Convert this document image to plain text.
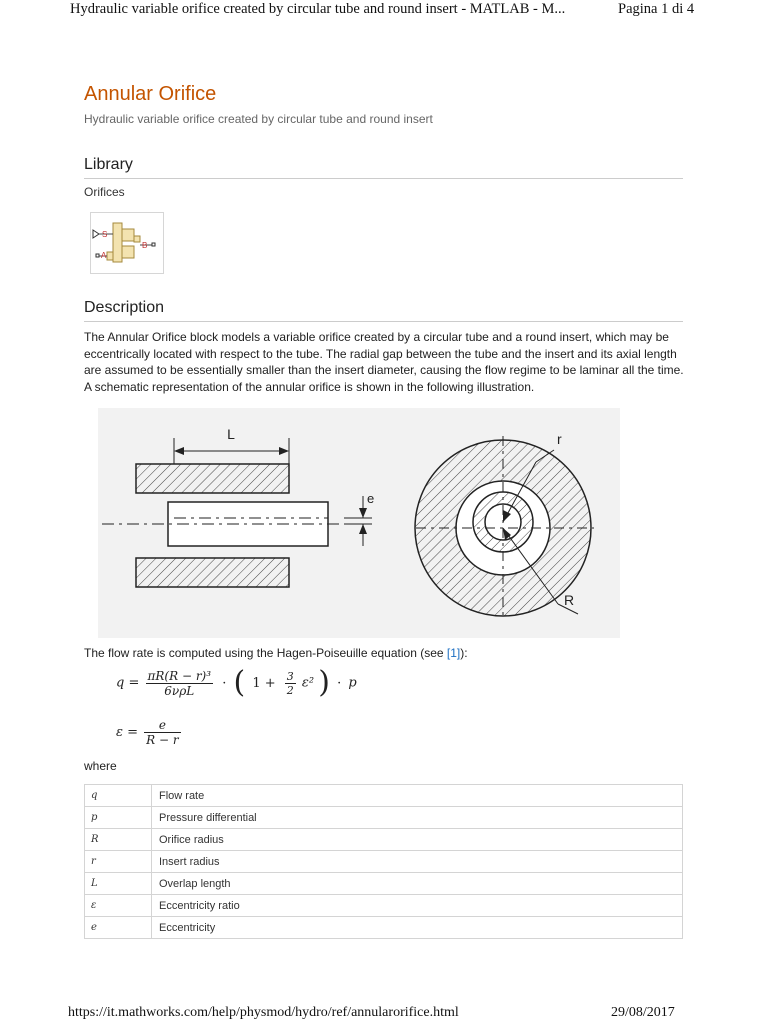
Hydraulic variable orifice created by circular tube and round insert - MATLAB - M...	Pagina 1 di 4
Annular Orifice
Hydraulic variable orifice created by circular tube and round insert
Library
Orifices
S
A
B
Description

The Annular Orifice block models a variable orifice created by a circular tube and a round insert, which may be eccentrically located with respect to the tube. The radial gap between the tube and the insert and its axial length are assumed to be essentially smaller than the insert diameter, causing the flow regime to be laminar all the time. A schematic representation of the annular orifice is shown in the following illustration.

L
e
r
R
The flow rate is computed using the Hagen-Poiseuille equation (see [1]):
$q = \frac{\text{πR(R − r)³}}{\text{6νρL}}$ · ( $1 + \frac{3}{2} \varepsilon^2$ ) · p
$\varepsilon = \frac{e}{R - r}$
where
q	Flow rate
p	Pressure differential
R	Orifice radius
r	Insert radius
L	Overlap length
ε	Eccentricity ratio
e	Eccentricity
https://it.mathworks.com/help/physmod/hydro/ref/annularorifice.html	29/08/2017
